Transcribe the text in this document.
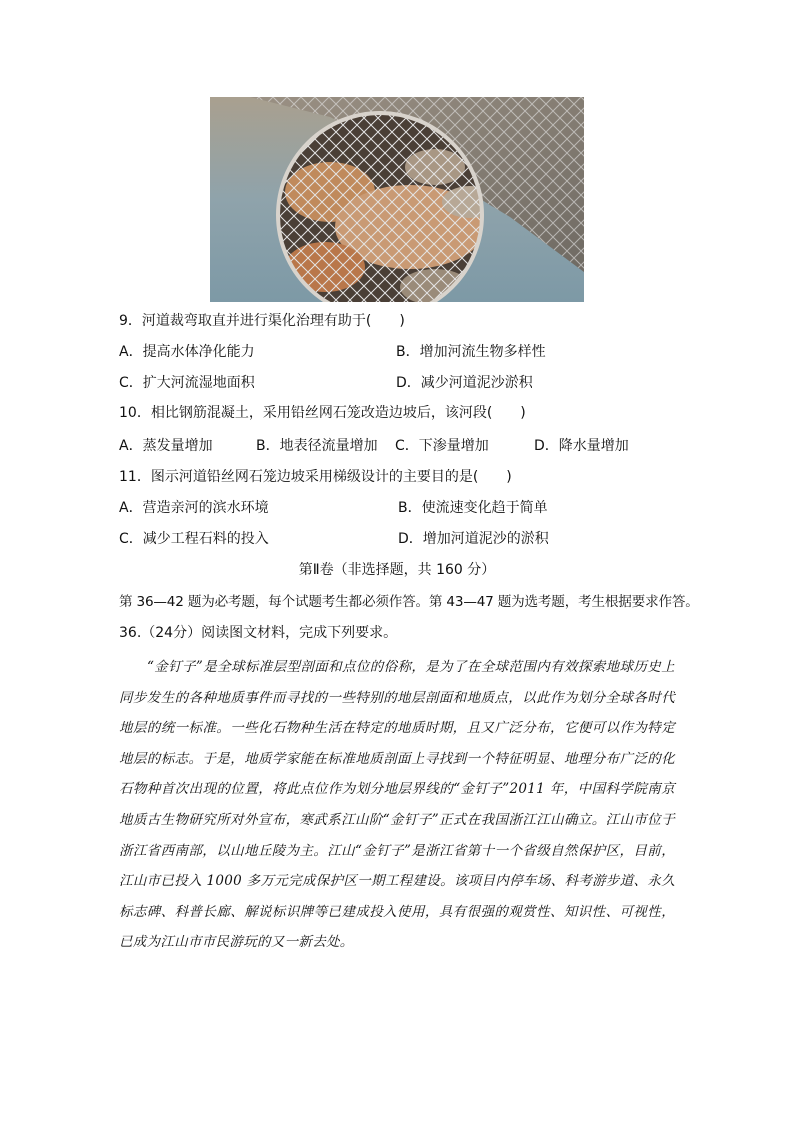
9．河道裁弯取直并进行渠化治理有助于(　　)
A．提高水体净化能力	B．增加河流生物多样性
C．扩大河流湿地面积	D．减少河道泥沙淤积
10．相比钢筋混凝土，采用铅丝网石笼改造边坡后，该河段(　　)
A．蒸发量增加	B．地表径流量增加 C．下渗量增加	D．降水量增加
11．图示河道铅丝网石笼边坡采用梯级设计的主要目的是(　　)
A．营造亲河的滨水环境	B．使流速变化趋于简单
C．减少工程石料的投入	D．增加河道泥沙的淤积
第Ⅱ卷（非选择题，共 160 分）
第 36—42 题为必考题，每个试题考生都必须作答。第 43—47 题为选考题，考生根据要求作答。
36.（24分）阅读图文材料，完成下列要求。
“金钉子”是全球标准层型剖面和点位的俗称，是为了在全球范围内有效探索地球历史上同步发生的各种地质事件而寻找的一些特别的地层剖面和地质点，以此作为划分全球各时代地层的统一标准。一些化石物种生活在特定的地质时期，且又广泛分布，它便可以作为特定地层的标志。于是，地质学家能在标准地质剖面上寻找到一个特征明显、地理分布广泛的化石物种首次出现的位置，将此点位作为划分地层界线的“金钉子”2011 年，中国科学院南京地质古生物研究所对外宣布，寒武系江山阶“金钉子”正式在我国浙江江山确立。江山市位于浙江省西南部，以山地丘陵为主。江山“金钉子”是浙江省第十一个省级自然保护区，目前，江山市已投入 1000 多万元完成保护区一期工程建设。该项目内停车场、科考游步道、永久标志碑、科普长廊、解说标识牌等已建成投入使用，具有很强的观赏性、知识性、可视性，已成为江山市市民游玩的又一新去处。
